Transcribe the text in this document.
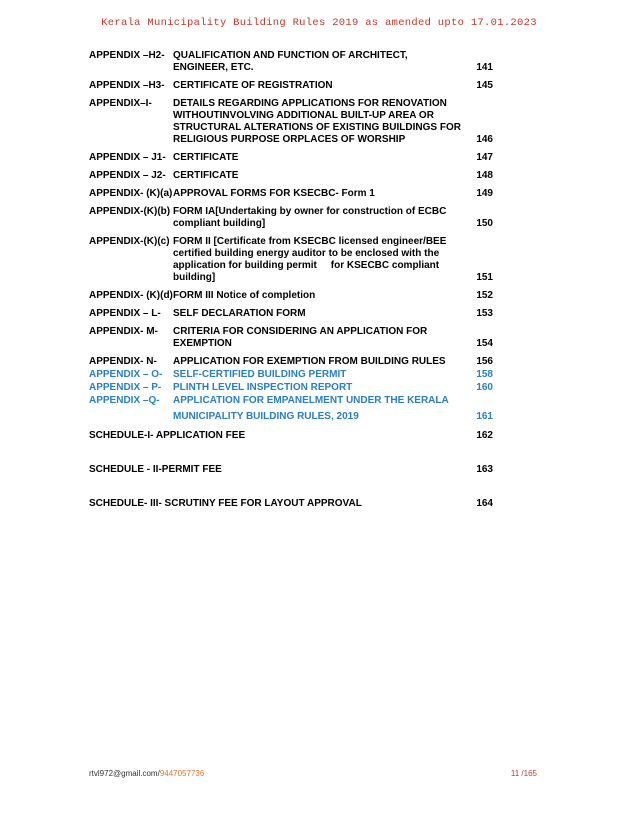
Kerala Municipality Building Rules 2019 as amended upto 17.01.2023
APPENDIX –H2- QUALIFICATION AND FUNCTION OF ARCHITECT,
ENGINEER, ETC.	141
APPENDIX –H3- CERTIFICATE OF REGISTRATION	145
APPENDIX–I- DETAILS REGARDING APPLICATIONS FOR RENOVATION
WITHOUTINVOLVING ADDITIONAL BUILT-UP AREA OR
STRUCTURAL ALTERATIONS OF EXISTING BUILDINGS FOR
RELIGIOUS PURPOSE ORPLACES OF WORSHIP	146
APPENDIX – J1- CERTIFICATE	147
APPENDIX – J2- CERTIFICATE	148
APPENDIX- (K)(a) APPROVAL FORMS FOR KSECBC- Form 1	149
APPENDIX-(K)(b) FORM IA[Undertaking by owner for construction of ECBC
compliant building]	150
APPENDIX-(K)(c) FORM II [Certificate from KSECBC licensed engineer/BEE
certified building energy auditor to be enclosed with the
application for building permit     for KSECBC compliant
building]	151
APPENDIX- (K)(d) FORM III Notice of completion	152
APPENDIX – L- SELF DECLARATION FORM	153
APPENDIX- M- CRITERIA FOR CONSIDERING AN APPLICATION FOR
EXEMPTION	154
APPENDIX- N- APPLICATION FOR EXEMPTION FROM BUILDING RULES	156
APPENDIX – O- SELF-CERTIFIED BUILDING PERMIT	158
APPENDIX – P- PLINTH LEVEL INSPECTION REPORT	160
APPENDIX –Q- APPLICATION FOR EMPANELMENT UNDER THE KERALA
MUNICIPALITY BUILDING RULES, 2019	161
SCHEDULE-I- APPLICATION FEE	162
SCHEDULE - II-PERMIT FEE	163
SCHEDULE- III- SCRUTINY FEE FOR LAYOUT APPROVAL	164
rtvl972@gmail.com/9447057736	11 /165
